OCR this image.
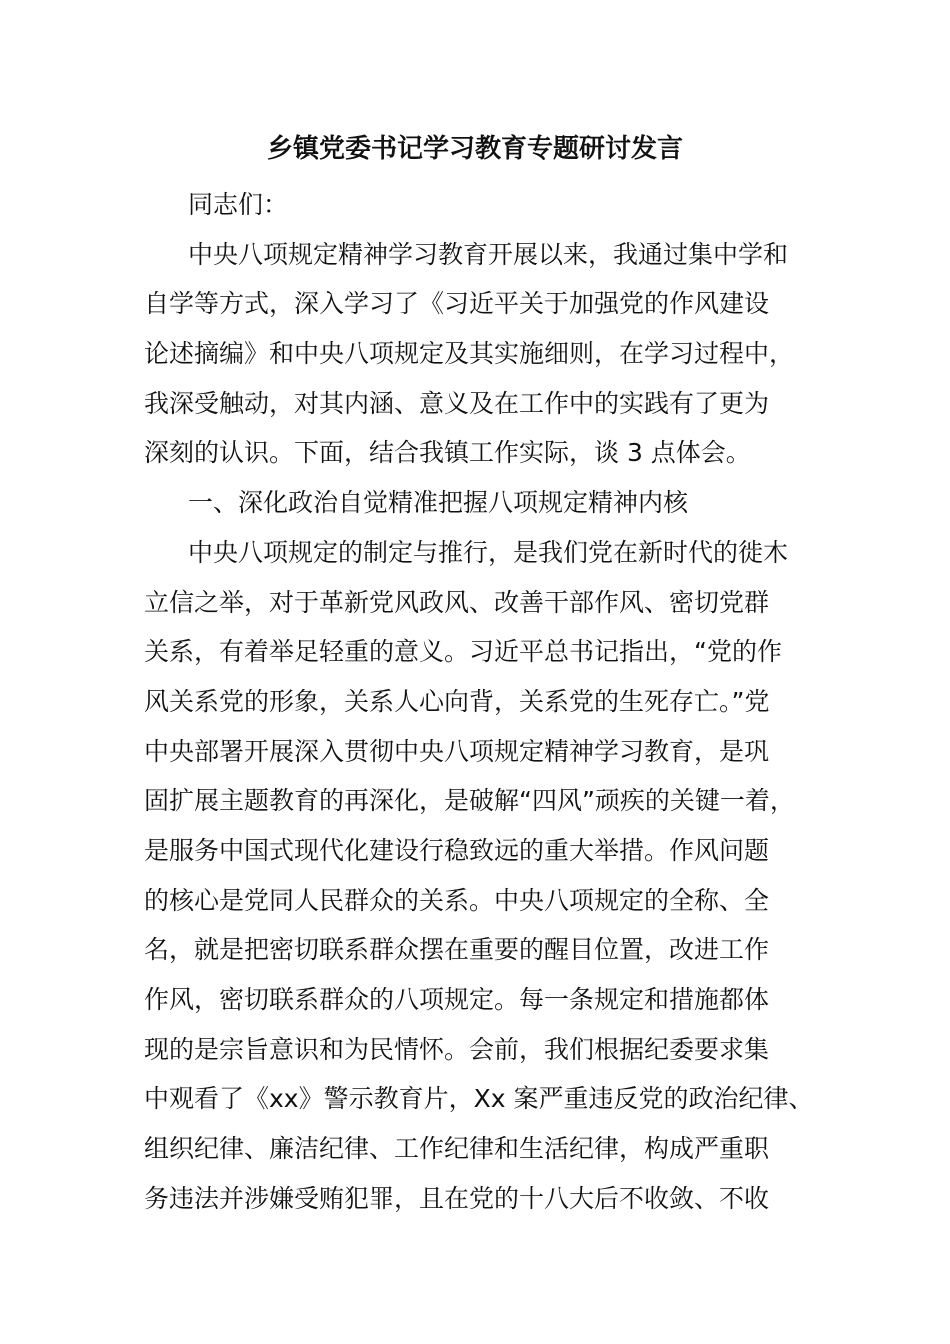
乡镇党委书记学习教育专题研讨发言
同志们：
中央八项规定精神学习教育开展以来，我通过集中学和
自学等方式，深入学习了《习近平关于加强党的作风建设
论述摘编》和中央八项规定及其实施细则，在学习过程中，
我深受触动，对其内涵、意义及在工作中的实践有了更为
深刻的认识。下面，结合我镇工作实际，谈 3 点体会。
一、深化政治自觉精准把握八项规定精神内核
中央八项规定的制定与推行，是我们党在新时代的徙木
立信之举，对于革新党风政风、改善干部作风、密切党群
关系，有着举足轻重的意义。习近平总书记指出，“党的作
风关系党的形象，关系人心向背，关系党的生死存亡。”党
中央部署开展深入贯彻中央八项规定精神学习教育，是巩
固扩展主题教育的再深化，是破解“四风”顽疾的关键一着，
是服务中国式现代化建设行稳致远的重大举措。作风问题
的核心是党同人民群众的关系。中央八项规定的全称、全
名，就是把密切联系群众摆在重要的醒目位置，改进工作
作风，密切联系群众的八项规定。每一条规定和措施都体
现的是宗旨意识和为民情怀。会前，我们根据纪委要求集
中观看了《xx》警示教育片，Xx 案严重违反党的政治纪律、
组织纪律、廉洁纪律、工作纪律和生活纪律，构成严重职
务违法并涉嫌受贿犯罪，且在党的十八大后不收敛、不收
